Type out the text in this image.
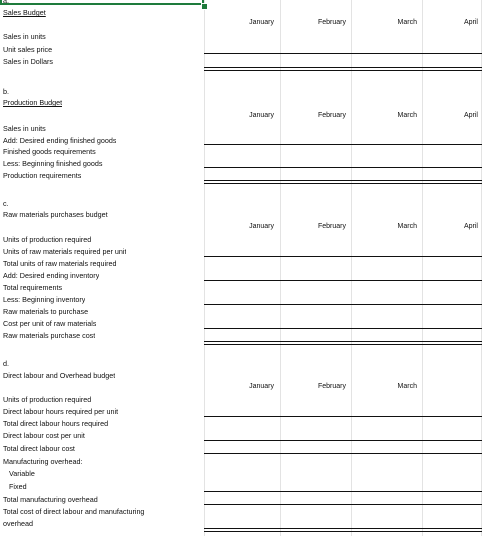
a.
Sales Budget
January	February	March	April
Sales in units
Unit sales price
Sales in Dollars
b.
Production Budget
January	February	March	April
Sales in units
Add: Desired ending finished goods
Finished goods requirements
Less: Beginning finished goods
Production requirements
c.
Raw materials purchases budget
January	February	March	April
Units of production required
Units of raw materials required per unit
Total units of raw materials required
Add: Desired ending inventory
Total requirements
Less: Beginning inventory
Raw materials to purchase
Cost per unit of raw materials
Raw materials purchase cost
d.
Direct labour and Overhead budget
January	February	March
Units of production required
Direct labour hours required per unit
Total direct labour hours required
Direct labour cost per unit
Total direct labour cost
Manufacturing overhead:
Variable
Fixed
Total manufacturing overhead
Total cost of direct labour and manufacturing
overhead
